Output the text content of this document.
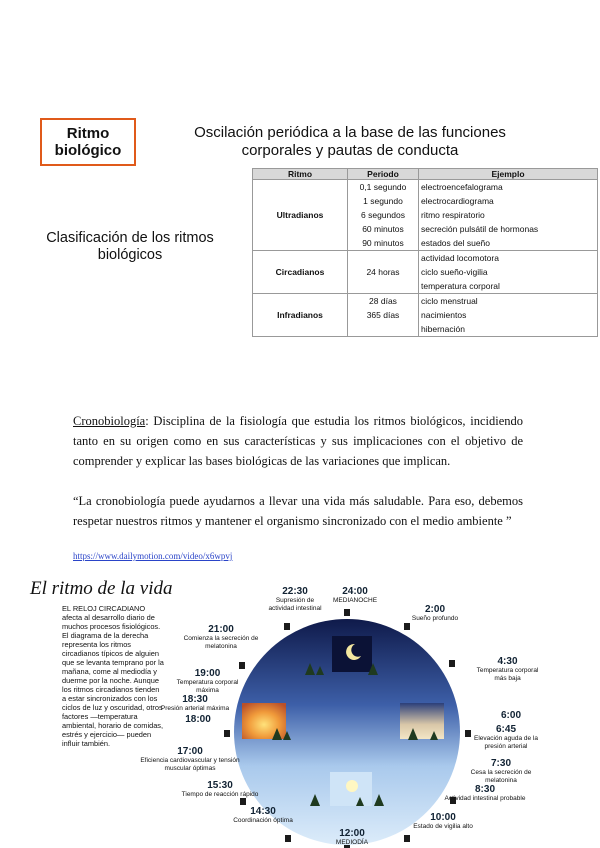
Ritmo biológico
Oscilación periódica a la base de las funciones corporales y pautas de conducta
Clasificación de los ritmos biológicos
Ritmo	Periodo	Ejemplo
Ultradianos	0,1 segundo	electroencefalograma
	1 segundo	electrocardiograma
	6 segundos	ritmo respiratorio
	60 minutos	secreción pulsátil de hormonas
	90 minutos	estados del sueño
Circadianos		actividad locomotora
	24 horas	ciclo sueño-vigilia
		temperatura corporal
Infradianos	28 días	ciclo menstrual
	365 días	nacimientos
		hibernación
Cronobiología: Disciplina de la fisiología que estudia los ritmos biológicos, incidiendo tanto en su origen como en sus características y sus implicaciones con el objetivo de comprender y explicar las bases biológicas de las variaciones que implican.
“La cronobiología puede ayudarnos a llevar una vida más saludable. Para eso, debemos respetar nuestros ritmos y mantener el organismo sincronizado con el medio ambiente ”
https://www.dailymotion.com/video/x6wpvj
El ritmo de la vida
EL RELOJ CIRCADIANO afecta al desarrollo diario de muchos procesos fisiológicos. El diagrama de la derecha representa los ritmos circadianos típicos de alguien que se levanta temprano por la mañana, come al mediodía y duerme por la noche. Aunque los ritmos circadianos tienden a estar sincronizados con los ciclos de luz y oscuridad, otros factores —temperatura ambiental, horario de comidas, estrés y ejercicio— pueden influir también.
22:30
Supresión de actividad intestinal
24:00
MEDIANOCHE
2:00
Sueño profundo
21:00
Comienza la secreción de melatonina
4:30
Temperatura corporal más baja
19:00
Temperatura corporal máxima
18:30
Presión arterial máxima
18:00	6:00
6:45
Elevación aguda de la presión arterial
7:30
Cesa la secreción de melatonina
17:00
Eficiencia cardiovascular y tensión muscular óptimas
8:30
Actividad intestinal probable
15:30
Tiempo de reacción rápido
10:00
Estado de vigilia alto
14:30
Coordinación óptima
12:00
MEDIODÍA
